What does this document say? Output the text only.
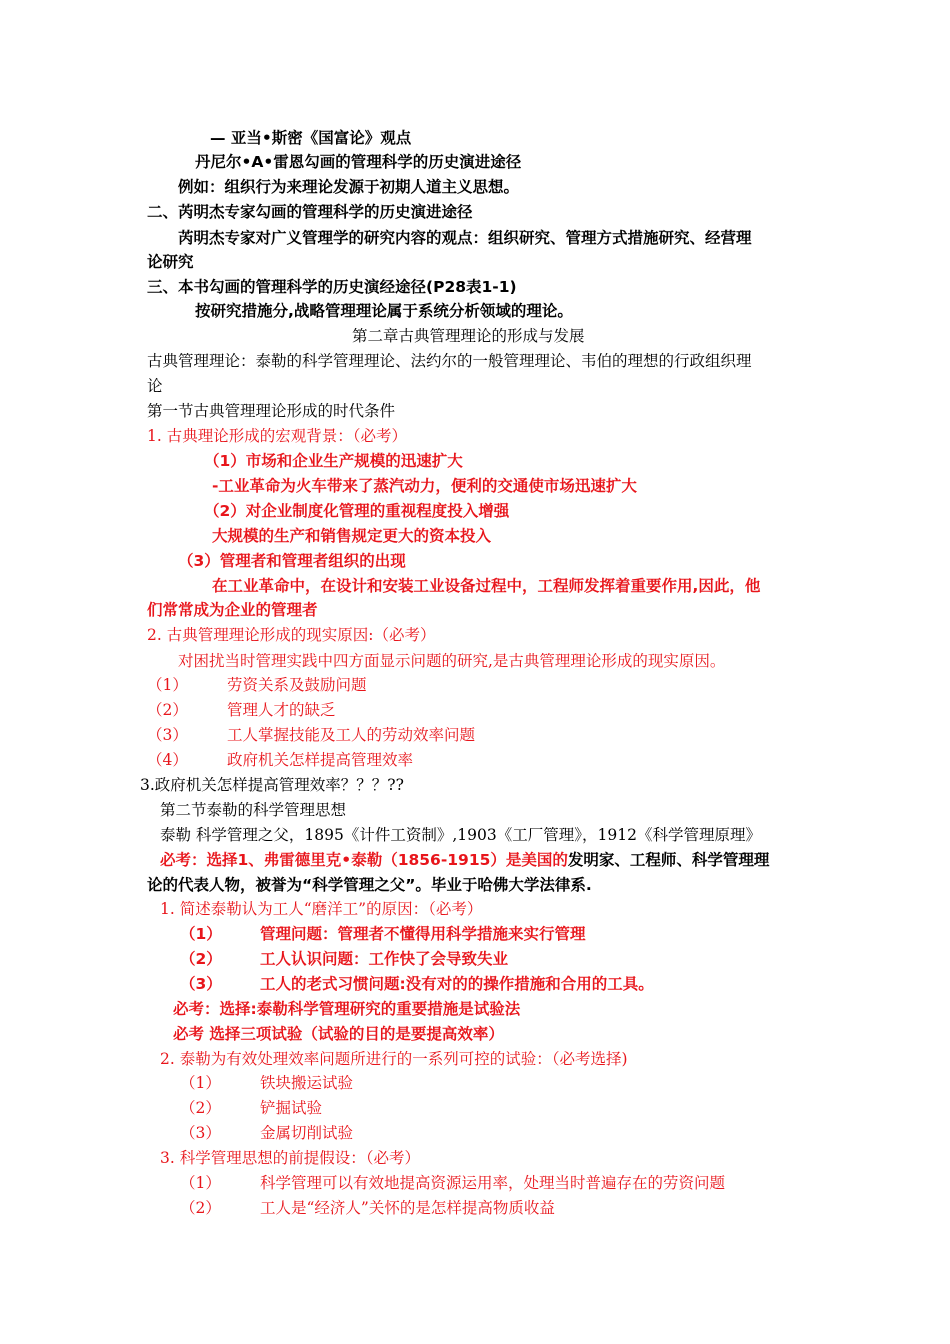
— 亚当•斯密《国富论》观点
丹尼尔•A•雷恩勾画的管理科学的历史演进途径
例如：组织行为来理论发源于初期人道主义思想。
二、芮明杰专家勾画的管理科学的历史演进途径
芮明杰专家对广义管理学的研究内容的观点：组织研究、管理方式措施研究、经营理
论研究
三、本书勾画的管理科学的历史演经途径(P28表1-1)
按研究措施分,战略管理理论属于系统分析领域的理论。
第二章古典管理理论的形成与发展
古典管理理论：泰勒的科学管理理论、法约尔的一般管理理论、韦伯的理想的行政组织理
论
第一节古典管理理论形成的时代条件
1. 古典理论形成的宏观背景：（必考）
（1）市场和企业生产规模的迅速扩大
-工业革命为火车带来了蒸汽动力，便利的交通使市场迅速扩大
（2）对企业制度化管理的重视程度投入增强
大规模的生产和销售规定更大的资本投入
（3）管理者和管理者组织的出现
在工业革命中，在设计和安装工业设备过程中，工程师发挥着重要作用,因此，他
们常常成为企业的管理者
2. 古典管理理论形成的现实原因:（必考）
对困扰当时管理实践中四方面显示问题的研究,是古典管理理论形成的现实原因。
（1）	劳资关系及鼓励问题
（2）	管理人才的缺乏
（3）	工人掌握技能及工人的劳动效率问题
（4）	政府机关怎样提高管理效率
3.政府机关怎样提高管理效率？？？??
第二节泰勒的科学管理思想
泰勒 科学管理之父，1895《计件工资制》,1903《工厂管理》，1912《科学管理原理》
必考：选择1、弗雷德里克•泰勒（1856-1915）是美国的发明家、工程师、科学管理理
论的代表人物，被誉为“科学管理之父”。毕业于哈佛大学法律系.
1. 简述泰勒认为工人“磨洋工”的原因：（必考）
（1） 管理问题：管理者不懂得用科学措施来实行管理
（2） 工人认识问题：工作快了会导致失业
（3） 工人的老式习惯问题:没有对的的操作措施和合用的工具。
必考：选择:泰勒科学管理研究的重要措施是试验法
必考 选择三项试验（试验的目的是要提高效率）
2. 泰勒为有效处理效率问题所进行的一系列可控的试验：（必考选择)
（1）	铁块搬运试验
（2）	铲掘试验
（3）	金属切削试验
3. 科学管理思想的前提假设：（必考）
（1）	科学管理可以有效地提高资源运用率，处理当时普遍存在的劳资问题
（2）	工人是“经济人”关怀的是怎样提高物质收益
